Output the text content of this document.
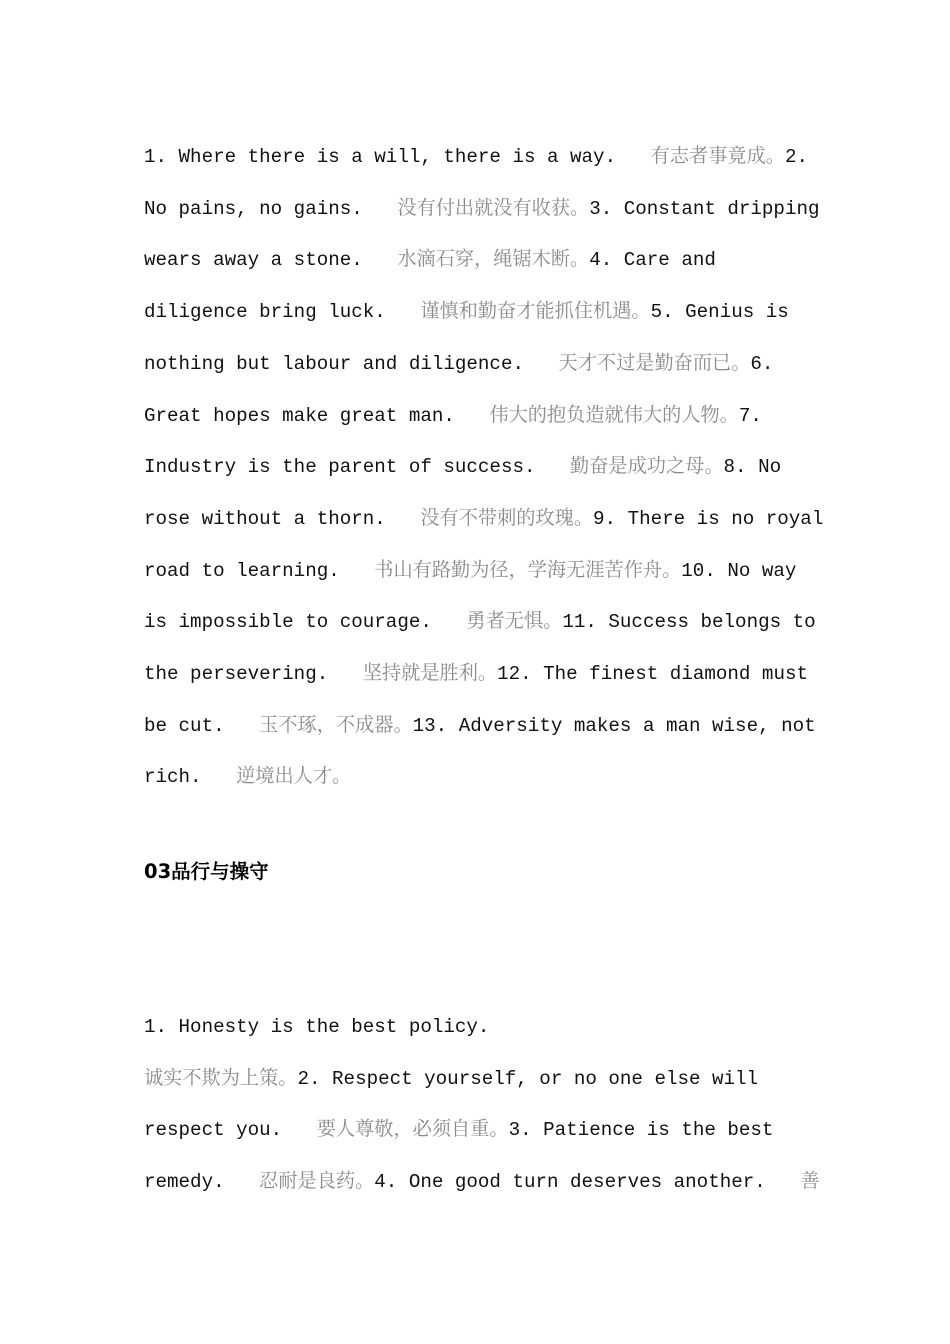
1. Where there is a will, there is a way. 有志者事竟成。2. No pains, no gains. 没有付出就没有收获。3. Constant dripping wears away a stone. 水滴石穿，绳锯木断。4. Care and diligence bring luck. 谨慎和勤奋才能抓住机遇。5. Genius is nothing but labour and diligence. 天才不过是勤奋而已。6. Great hopes make great man. 伟大的抱负造就伟大的人物。7. Industry is the parent of success. 勤奋是成功之母。8. No rose without a thorn. 没有不带刺的玫瑰。9. There is no royal road to learning. 书山有路勤为径，学海无涯苦作舟。10. No way is impossible to courage. 勇者无惧。11. Success belongs to the persevering. 坚持就是胜利。12. The finest diamond must be cut. 玉不琢，不成器。13. Adversity makes a man wise, not rich. 逆境出人才。

03品行与操守

1. Honesty is the best policy.
诚实不欺为上策。2. Respect yourself, or no one else will respect you. 要人尊敬，必须自重。3. Patience is the best remedy. 忍耐是良药。4. One good turn deserves another. 善
